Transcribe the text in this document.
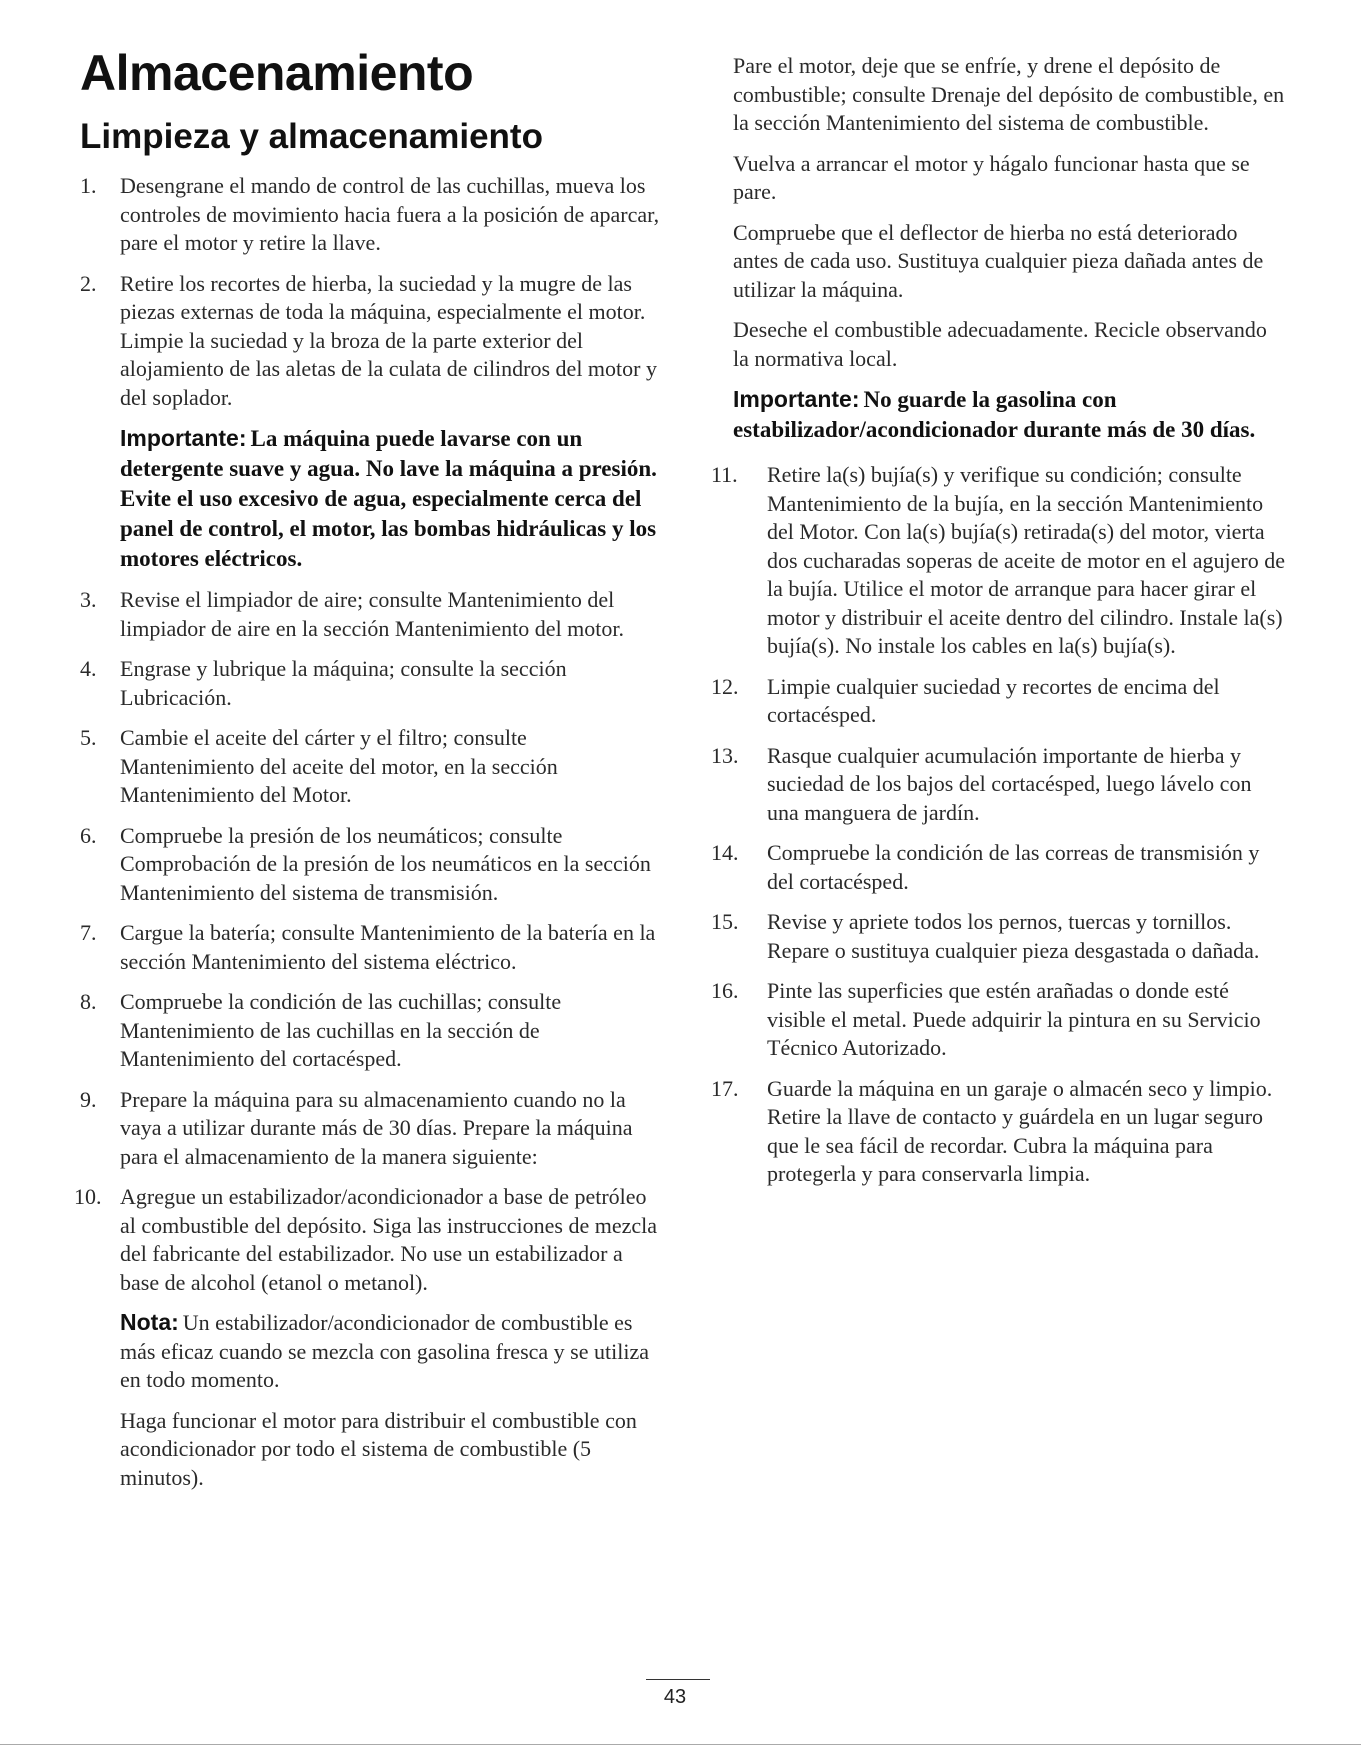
Almacenamiento
Limpieza y almacenamiento
1.	Desengrane el mando de control de las cuchillas, mueva los controles de movimiento hacia fuera a la posición de aparcar, pare el motor y retire la llave.
2.	Retire los recortes de hierba, la suciedad y la mugre de las piezas externas de toda la máquina, especialmente el motor. Limpie la suciedad y la broza de la parte exterior del alojamiento de las aletas de la culata de cilindros del motor y del soplador.
Importante: La máquina puede lavarse con un detergente suave y agua. No lave la máquina a presión. Evite el uso excesivo de agua, especialmente cerca del panel de control, el motor, las bombas hidráulicas y los motores eléctricos.
3.	Revise el limpiador de aire; consulte Mantenimiento del limpiador de aire en la sección Mantenimiento del motor.
4.	Engrase y lubrique la máquina; consulte la sección Lubricación.
5.	Cambie el aceite del cárter y el filtro; consulte Mantenimiento del aceite del motor, en la sección Mantenimiento del Motor.
6.	Compruebe la presión de los neumáticos; consulte Comprobación de la presión de los neumáticos en la sección Mantenimiento del sistema de transmisión.
7.	Cargue la batería; consulte Mantenimiento de la batería en la sección Mantenimiento del sistema eléctrico.
8.	Compruebe la condición de las cuchillas; consulte Mantenimiento de las cuchillas en la sección de Mantenimiento del cortacésped.
9.	Prepare la máquina para su almacenamiento cuando no la vaya a utilizar durante más de 30 días. Prepare la máquina para el almacenamiento de la manera siguiente:
10. Agregue un estabilizador/acondicionador a base de petróleo al combustible del depósito. Siga las instrucciones de mezcla del fabricante del estabilizador. No use un estabilizador a base de alcohol (etanol o metanol).
Nota: Un estabilizador/acondicionador de combustible es más eficaz cuando se mezcla con gasolina fresca y se utiliza en todo momento.

Haga funcionar el motor para distribuir el combustible con acondicionador por todo el sistema de combustible (5 minutos).

Pare el motor, deje que se enfríe, y drene el depósito de combustible; consulte Drenaje del depósito de combustible, en la sección Mantenimiento del sistema de combustible.

Vuelva a arrancar el motor y hágalo funcionar hasta que se pare.

Compruebe que el deflector de hierba no está deteriorado antes de cada uso. Sustituya cualquier pieza dañada antes de utilizar la máquina.

Deseche el combustible adecuadamente. Recicle observando la normativa local.

Importante: No guarde la gasolina con estabilizador/acondicionador durante más de 30 días.
11.	Retire la(s) bujía(s) y verifique su condición; consulte Mantenimiento de la bujía, en la sección Mantenimiento del Motor. Con la(s) bujía(s) retirada(s) del motor, vierta dos cucharadas soperas de aceite de motor en el agujero de la bujía. Utilice el motor de arranque para hacer girar el motor y distribuir el aceite dentro del cilindro. Instale la(s) bujía(s). No instale los cables en la(s) bujía(s).
12.	Limpie cualquier suciedad y recortes de encima del cortacésped.
13.	Rasque cualquier acumulación importante de hierba y suciedad de los bajos del cortacésped, luego lávelo con una manguera de jardín.
14.	Compruebe la condición de las correas de transmisión y del cortacésped.
15.	Revise y apriete todos los pernos, tuercas y tornillos. Repare o sustituya cualquier pieza desgastada o dañada.
16.	Pinte las superficies que estén arañadas o donde esté visible el metal. Puede adquirir la pintura en su Servicio Técnico Autorizado.
17.	Guarde la máquina en un garaje o almacén seco y limpio. Retire la llave de contacto y guárdela en un lugar seguro que le sea fácil de recordar. Cubra la máquina para protegerla y para conservarla limpia.
43
